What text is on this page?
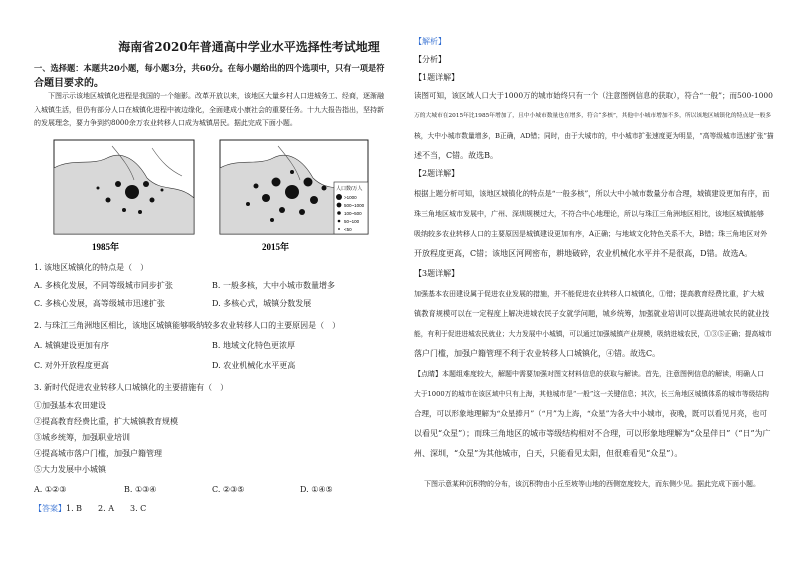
海南省2020年普通高中学业水平选择性考试地理
一、选择题：本题共20小题，每小题3分，共60分。在每小题给出的四个选项中，只有一项是符
合题目要求的。
下图示示该地区城镇化进程是我国的一个缩影。改革开放以来，该地区大量乡村人口进城务工、经商，逐渐融
入城镇生活，但仍有部分人口在城镇化进程中被边缘化，全面建成小康社会的重要任务。十九大报告指出，坚持新
的发展理念，要力争到约8000余万农业转移人口成为城镇居民。据此完成下面小题。
1985年	2015年
人口数/万人
>1000
500~1000
100~500
50~100
<50
1. 该地区城镇化的特点是（　）
A. 多核化发展，不同等级城市同步扩张	B. 一般多核，大中小城市数量增多
C. 多核心发展，高等级城市迅速扩张	D. 多核心式，城镇分数发展
2. 与珠江三角洲地区相比，该地区城镇能够吸纳较多农业转移人口的主要原因是（　）
A. 城镇建设更加有序	B. 地域文化特色更浓厚
C. 对外开放程度更高	D. 农业机械化水平更高
3. 新时代促进农业转移人口城镇化的主要措施有（　）
①加强基本农田建设
②提高教育经费比重，扩大城镇教育规模
③城乡统筹，加强职业培训
④提高城市落户门槛，加强户籍管理
⑤大力发展中小城镇
A. ①②③	B. ①③④	C. ②③⑤	D. ①④⑤
【答案】1. B　　2. A　　3. C
【解析】
【分析】
【1题详解】
读图可知，该区域人口大于1000万的城市始终只有一个（注意图例信息的获取），符合“一般”；而500-1000
万的大城市在2015年比1985年增加了，且中小城市数量也在增多，符合“多核”，其他中小城市增加不多，所以该地区城镇化的特点是一般多
核，大中小城市数量增多，B正确，AD错；同时，由于大城市的，中小城市扩张速度更为明显，“高等级城市迅速扩张”描
述不当，C错。故选B。
【2题详解】
根据上题分析可知，该地区城镇化的特点是“一般多核”，所以大中小城市数量分布合理，城镇建设更加有序，而
珠三角地区城市发展中，广州、深圳规模过大，不符合中心地理论，所以与珠江三角洲地区相比，该地区城镇能够
吸纳较多农业转移人口的主要原因是城镇建设更加有序，A正确；与地域文化特色关系不大，B错；珠三角地区对外
开放程度更高，C错；该地区河网密布，耕地破碎，农业机械化水平并不是很高，D错。故选A。
【3题详解】
加强基本农田建设属于促进农业发展的措施，并不能促进农业转移人口城镇化，①错；提高教育经费比重，扩大城
镇教育规模可以在一定程度上解决进城农民子女就学问题，城乡统筹，加强就业培训可以提高进城农民的就业技
能，有利于促进进城农民就业；大力发展中小城镇，可以通过加强城镇产业规模，吸纳进城农民，①③⑤正确；提高城市
落户门槛，加强户籍管理不利于农业转移人口城镇化，④错。故选C。
【点睛】本题组难度较大，解题中需要加强对图文材料信息的获取与解读。首先，注意图例信息的解读，明确人口
大于1000万的城市在该区域中只有上海，其他城市是“一般”这一关键信息；其次，长三角地区城镇体系的城市等级结构
合理，可以形象地理解为“众星捧月”（“月”为上海，“众星”为各大中小城市，夜晚，既可以看见月亮，也可
以看见“众星”）；而珠三角地区的城市等级结构相对不合理，可以形象地理解为“众星伴日”（“日”为广
州、深圳，“众星”为其他城市，白天，只能看见太阳，但很难看见“众星”）。
下图示意某种沉积物的分布，该沉积物由小丘至坡等山地的西侧宽度较大，而东侧少见。据此完成下面小题。
